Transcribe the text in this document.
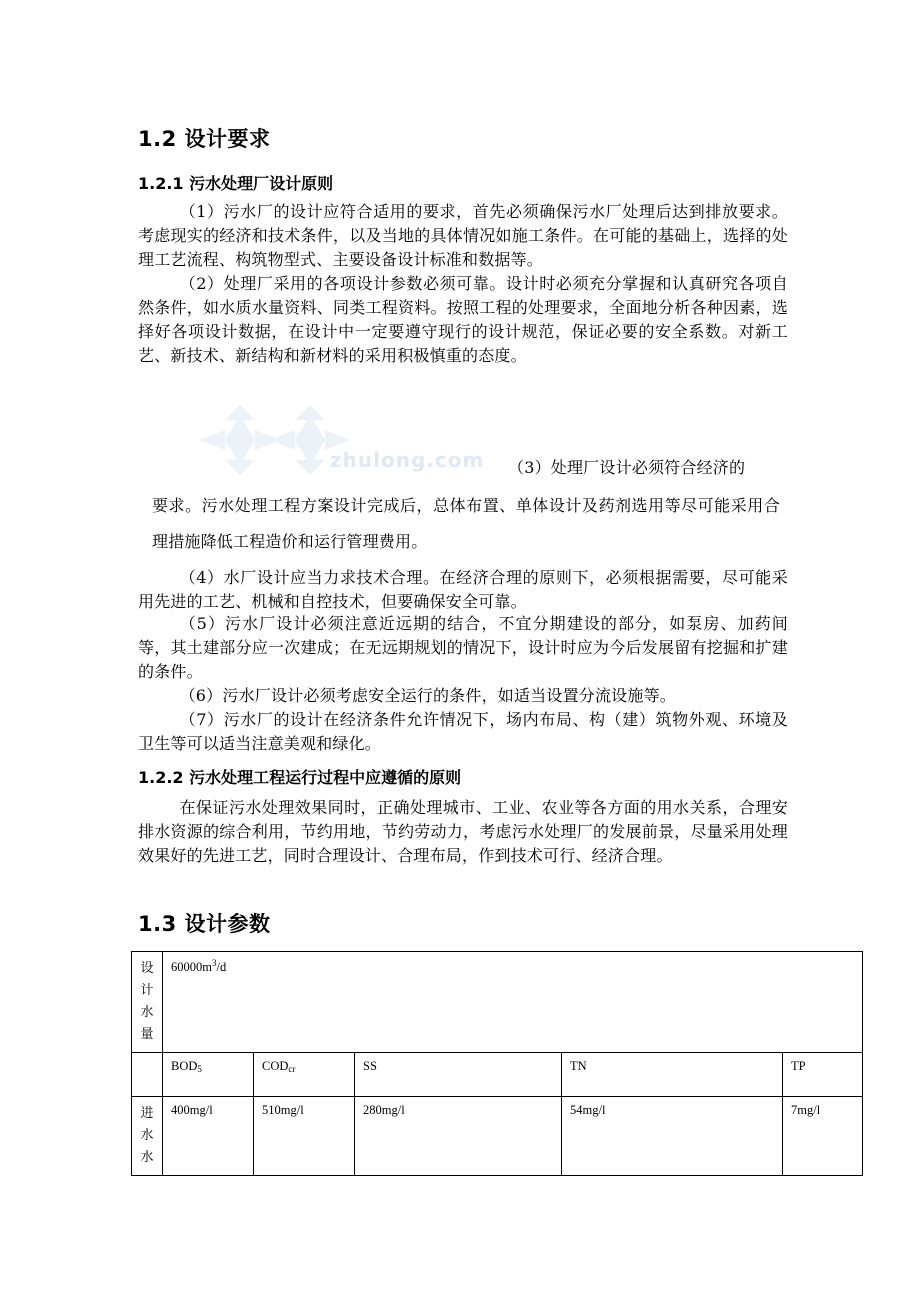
1.2 设计要求
1.2.1 污水处理厂设计原则

（1）污水厂的设计应符合适用的要求，首先必须确保污水厂处理后达到排放要求。考虑现实的经济和技术条件，以及当地的具体情况如施工条件。在可能的基础上，选择的处理工艺流程、构筑物型式、主要设备设计标准和数据等。

（2）处理厂采用的各项设计参数必须可靠。设计时必须充分掌握和认真研究各项自然条件，如水质水量资料、同类工程资料。按照工程的处理要求，全面地分析各种因素，选择好各项设计数据，在设计中一定要遵守现行的设计规范，保证必要的安全系数。对新工艺、新技术、新结构和新材料的采用积极慎重的态度。

zhulong.com （3）处理厂设计必须符合经济的

要求。污水处理工程方案设计完成后，总体布置、单体设计及药剂选用等尽可能采用合理措施降低工程造价和运行管理费用。

（4）水厂设计应当力求技术合理。在经济合理的原则下，必须根据需要，尽可能采用先进的工艺、机械和自控技术，但要确保安全可靠。

（5）污水厂设计必须注意近远期的结合，不宜分期建设的部分，如泵房、加药间等，其土建部分应一次建成；在无远期规划的情况下，设计时应为今后发展留有挖掘和扩建的条件。

（6）污水厂设计必须考虑安全运行的条件，如适当设置分流设施等。

（7）污水厂的设计在经济条件允许情况下，场内布局、构（建）筑物外观、环境及卫生等可以适当注意美观和绿化。

1.2.2 污水处理工程运行过程中应遵循的原则

在保证污水处理效果同时，正确处理城市、工业、农业等各方面的用水关系，合理安排水资源的综合利用，节约用地，节约劳动力，考虑污水处理厂的发展前景，尽量采用处理效果好的先进工艺，同时合理设计、合理布局，作到技术可行、经济合理。

1.3 设计参数
设
计
水
量	$60000m^3/d$				
	$BOD_5$	$COD_{cr}$	SS	TN	TP

进
水
水	400mg/l	510mg/l	280mg/l	54mg/l	7mg/l
